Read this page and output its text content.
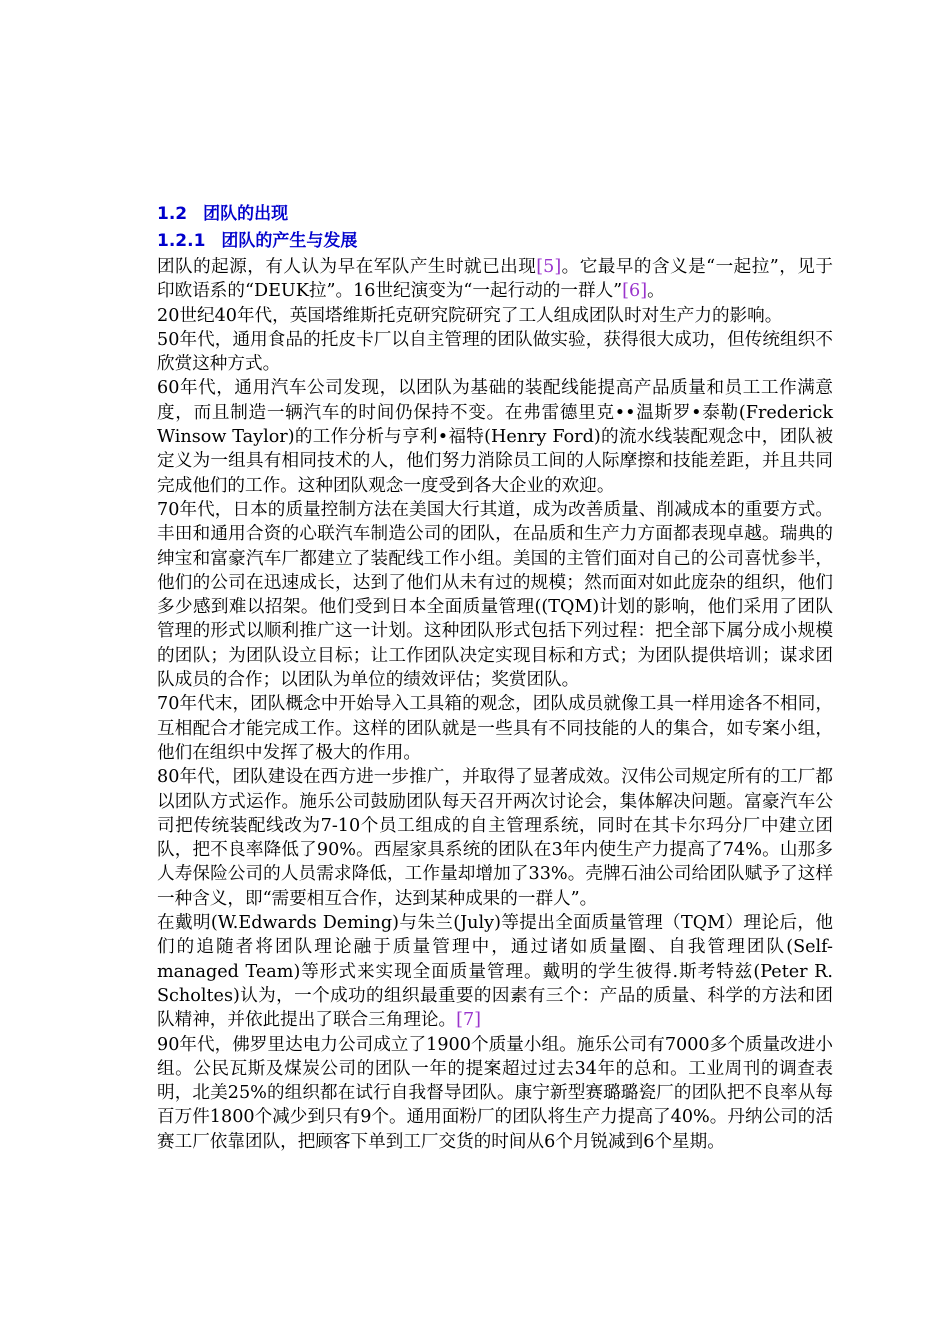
1.2 团队的出现
1.2.1 团队的产生与发展

团队的起源，有人认为早在军队产生时就已出现[5]。它最早的含义是“一起拉”，见于印欧语系的“DEUK拉”。16世纪演变为“一起行动的一群人”[6]。

20世纪40年代，英国塔维斯托克研究院研究了工人组成团队时对生产力的影响。

50年代，通用食品的托皮卡厂以自主管理的团队做实验，获得很大成功，但传统组织不欣赏这种方式。

60年代，通用汽车公司发现，以团队为基础的装配线能提高产品质量和员工工作满意度，而且制造一辆汽车的时间仍保持不变。在弗雷德里克••温斯罗•泰勒(Frederick Winsow Taylor)的工作分析与亨利•福特(Henry Ford)的流水线装配观念中，团队被定义为一组具有相同技术的人，他们努力消除员工间的人际摩擦和技能差距，并且共同完成他们的工作。这种团队观念一度受到各大企业的欢迎。

70年代，日本的质量控制方法在美国大行其道，成为改善质量、削减成本的重要方式。丰田和通用合资的心联汽车制造公司的团队，在品质和生产力方面都表现卓越。瑞典的绅宝和富豪汽车厂都建立了装配线工作小组。美国的主管们面对自己的公司喜忧参半，他们的公司在迅速成长，达到了他们从未有过的规模；然而面对如此庞杂的组织，他们多少感到难以招架。他们受到日本全面质量管理((TQM)计划的影响，他们采用了团队管理的形式以顺利推广这一计划。这种团队形式包括下列过程：把全部下属分成小规模的团队；为团队设立目标；让工作团队决定实现目标和方式；为团队提供培训；谋求团队成员的合作；以团队为单位的绩效评估；奖赏团队。

70年代末，团队概念中开始导入工具箱的观念，团队成员就像工具一样用途各不相同，互相配合才能完成工作。这样的团队就是一些具有不同技能的人的集合，如专案小组，他们在组织中发挥了极大的作用。

80年代，团队建设在西方进一步推广，并取得了显著成效。汉伟公司规定所有的工厂都以团队方式运作。施乐公司鼓励团队每天召开两次讨论会，集体解决问题。富豪汽车公司把传统装配线改为7-10个员工组成的自主管理系统，同时在其卡尔玛分厂中建立团队，把不良率降低了90%。西屋家具系统的团队在3年内使生产力提高了74%。山那多人寿保险公司的人员需求降低，工作量却增加了33%。壳牌石油公司给团队赋予了这样一种含义，即“需要相互合作，达到某种成果的一群人”。

在戴明(W.Edwards Deming)与朱兰(July)等提出全面质量管理（TQM）理论后，他们的追随者将团队理论融于质量管理中，通过诸如质量圈、自我管理团队(Self-managed Team)等形式来实现全面质量管理。戴明的学生彼得.斯考特兹(Peter R. Scholtes)认为，一个成功的组织最重要的因素有三个：产品的质量、科学的方法和团队精神，并依此提出了联合三角理论。[7]

90年代，佛罗里达电力公司成立了1900个质量小组。施乐公司有7000多个质量改进小组。公民瓦斯及煤炭公司的团队一年的提案超过过去34年的总和。工业周刊的调查表明，北美25%的组织都在试行自我督导团队。康宁新型赛璐璐瓷厂的团队把不良率从每百万件1800个减少到只有9个。通用面粉厂的团队将生产力提高了40%。丹纳公司的活赛工厂依靠团队，把顾客下单到工厂交货的时间从6个月锐减到6个星期。
